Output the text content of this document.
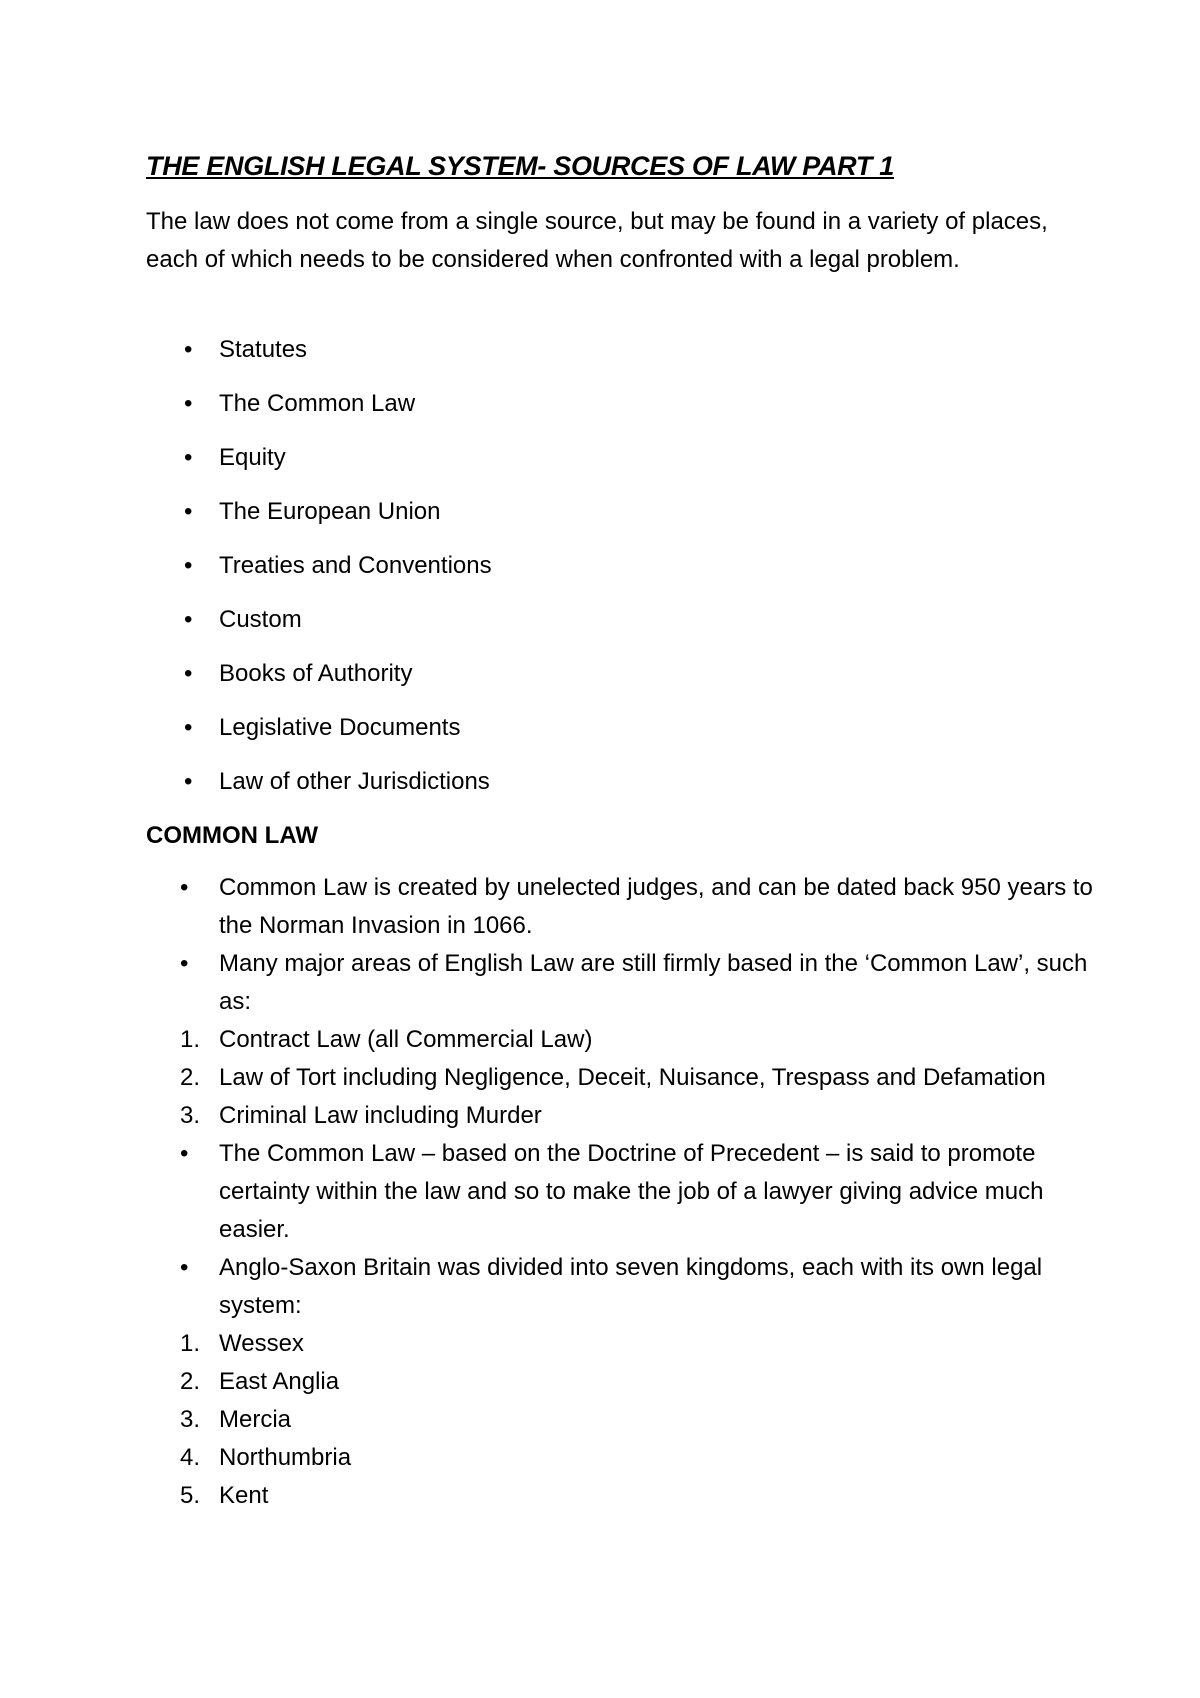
THE ENGLISH LEGAL SYSTEM- SOURCES OF LAW PART 1
The law does not come from a single source, but may be found in a variety of places, each of which needs to be considered when confronted with a legal problem.
•	Statutes
•	The Common Law
•	Equity
•	The European Union
•	Treaties and Conventions
•	Custom
•	Books of Authority
•	Legislative Documents
•	Law of other Jurisdictions
COMMON LAW
•	Common Law is created by unelected judges, and can be dated back 950 years to the Norman Invasion in 1066.
•	Many major areas of English Law are still firmly based in the ‘Common Law’, such as:
1. Contract Law (all Commercial Law)
2. Law of Tort including Negligence, Deceit, Nuisance, Trespass and Defamation
3. Criminal Law including Murder
•	The Common Law – based on the Doctrine of Precedent – is said to promote certainty within the law and so to make the job of a lawyer giving advice much easier.
•	Anglo-Saxon Britain was divided into seven kingdoms, each with its own legal system:
1. Wessex
2. East Anglia
3. Mercia
4. Northumbria
5. Kent
